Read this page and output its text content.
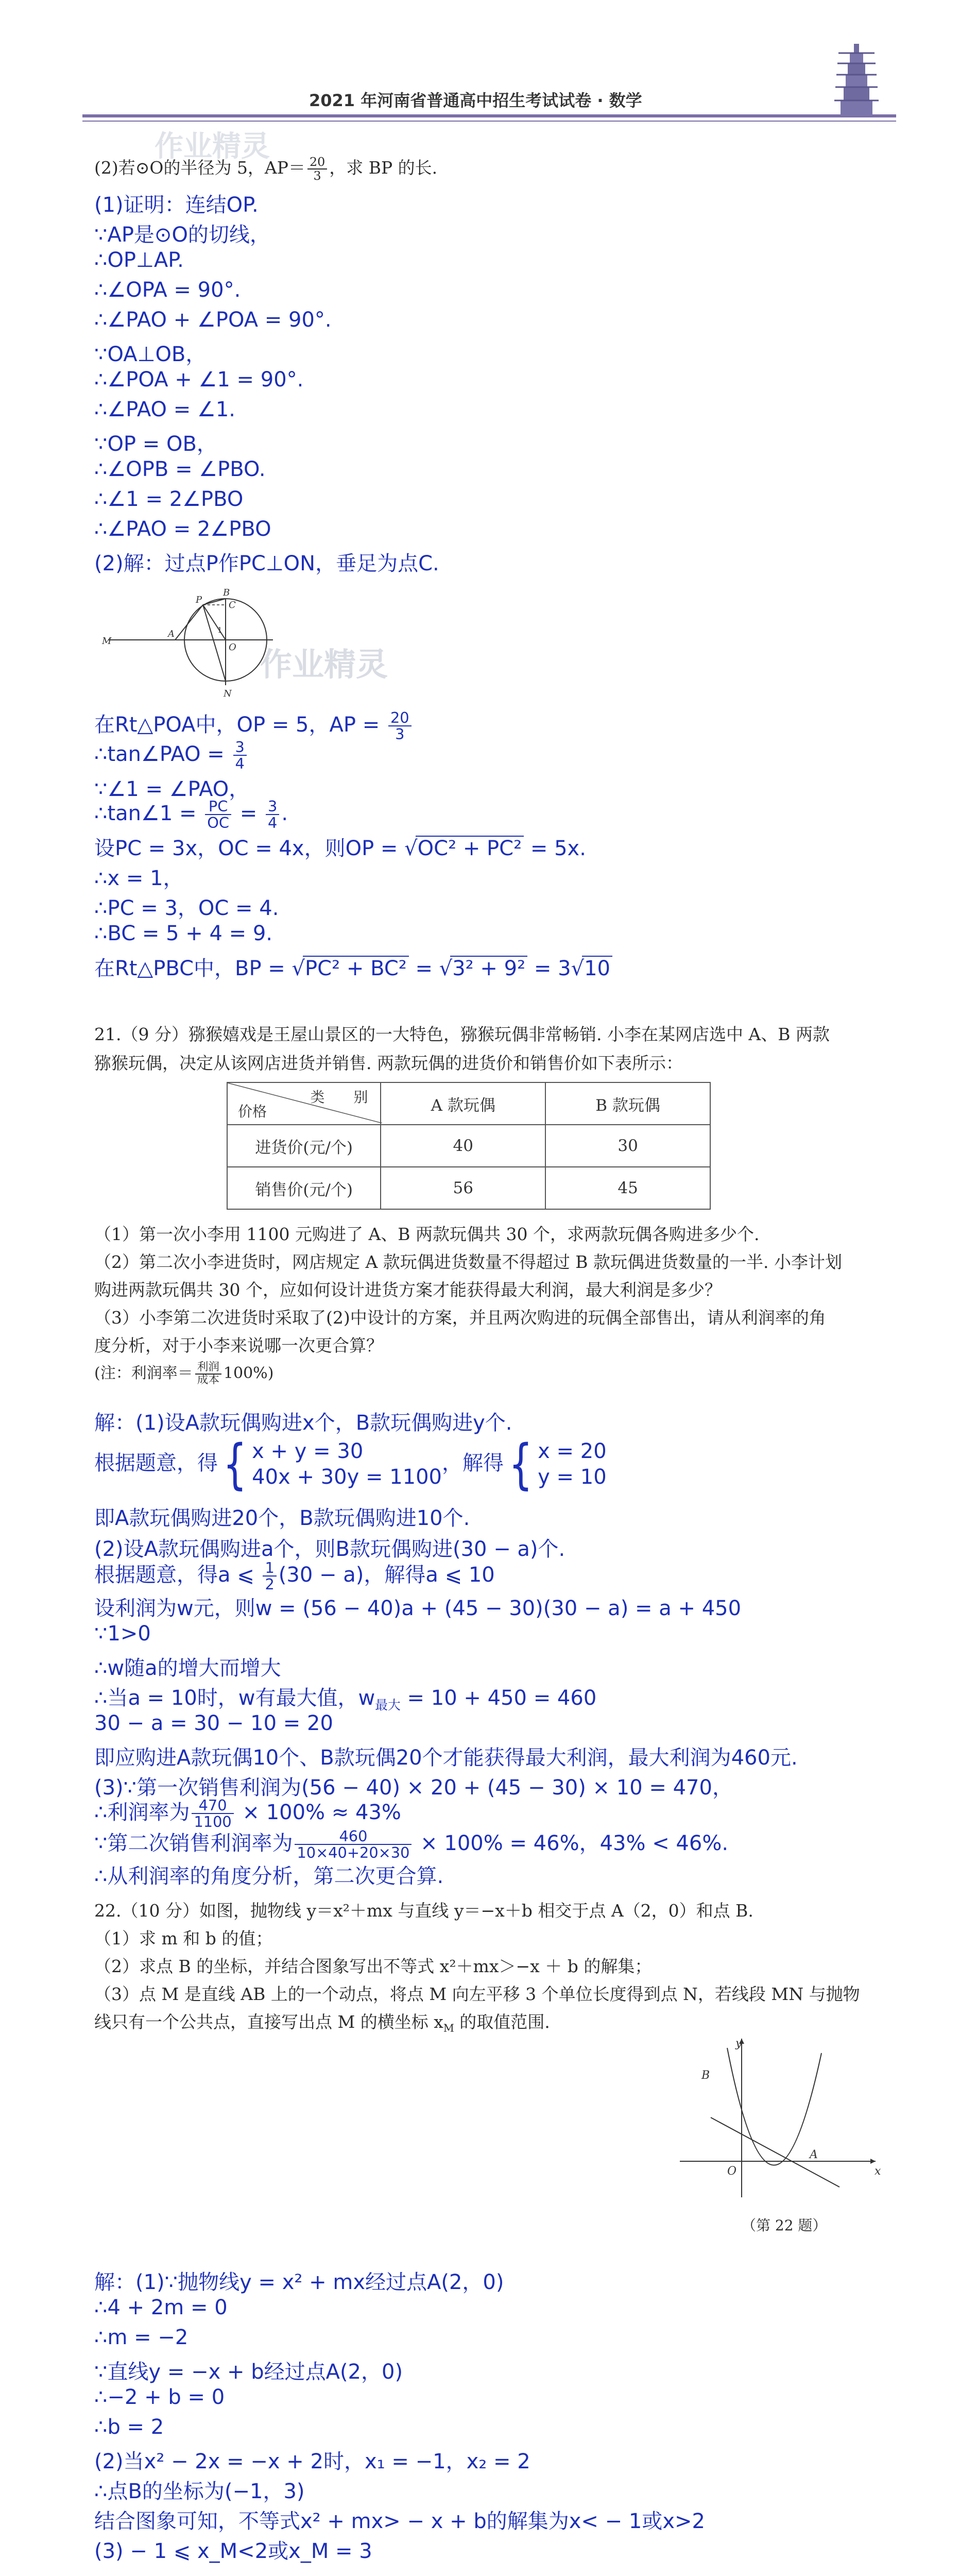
2021 年河南省普通高中招生考试试卷 · 数学
作业精灵
作业精灵
(2)若⊙O的半径为 5，$AP= \frac{20}{3}$ ，求 BP 的长.
(1)证明：连结OP.
∵AP是⊙O的切线，
∴OP⊥AP.
∴∠OPA = 90°.
∴∠PAO + ∠POA = 90°.
∵OA⊥OB，
∴∠POA + ∠1 = 90°.
∴∠PAO = ∠1.
∵OP = OB，
∴∠OPB = ∠PBO.
∴∠1 = 2∠PBO
∴∠PAO = 2∠PBO
(2)解：过点P作PC⊥ON，垂足为点C.
M
A
B
P	C
O
N
1
在Rt△POA中，OP = 5，AP = $\frac{20}{3}$
∴tan∠PAO = $\frac{3}{4}$
∵∠1 = ∠PAO，
∴tan∠1 = $\frac{PC}{OC} = \frac{3}{4}$ .
设PC = 3x，OC = 4x，则OP = √OC² + PC² = 5x.
∴x = 1，
∴PC = 3，OC = 4.
∴BC = 5 + 4 = 9.
在Rt△PBC中，BP = √PC² + BC² = √3² + 9² = 3√10
21.（9 分）猕猴嬉戏是王屋山景区的一大特色，猕猴玩偶非常畅销. 小李在某网店选中 A、B 两款
猕猴玩偶，决定从该网店进货并销售. 两款玩偶的进货价和销售价如下表所示：
类　　别
价格	A 款玩偶	B 款玩偶
进货价(元/个)	40	30
销售价(元/个)	56	45
（1）第一次小李用 1100 元购进了 A、B 两款玩偶共 30 个，求两款玩偶各购进多少个.
（2）第二次小李进货时，网店规定 A 款玩偶进货数量不得超过 B 款玩偶进货数量的一半. 小李计划
购进两款玩偶共 30 个，应如何设计进货方案才能获得最大利润，最大利润是多少？
（3）小李第二次进货时采取了(2)中设计的方案，并且两次购进的玩偶全部售出，请从利润率的角
度分析，对于小李来说哪一次更合算？
(注：利润率＝ $\frac{\text{利润}}{\text{成本}} 100\%$)
解：(1)设A款玩偶购进x个，B款玩偶购进y个.
根据题意，得 { x + y = 30
40x + 30y = 1100
，解得 { x = 20
y = 10
即A款玩偶购进20个，B款玩偶购进10个.
(2)设A款玩偶购进a个，则B款玩偶购进(30 − a)个.
根据题意，得a ⩽ $\frac{1}{2} (30 - a)$，解得a ⩽ 10
设利润为w元，则w = (56 − 40)a + (45 − 30)(30 − a) = a + 450
∵1>0
∴w随a的增大而增大
∴当a = 10时，w有最大值，$w_{最大} = 10 + 450 = 460$
30 − a = 30 − 10 = 20
即应购进A款玩偶10个、B款玩偶20个才能获得最大利润，最大利润为460元.
(3)∵第一次销售利润为(56 − 40) × 20 + (45 − 30) × 10 = 470，
∴利润率为 $\frac{470}{1100} \times 100\% \approx 43\%$
∵第二次销售利润率为 $\frac{460}{10\times 40+20\times 30} \times 100\% = 46\%$，43% < 46%.
∴从利润率的角度分析，第二次更合算.
22.（10 分）如图，抛物线 y＝x²＋mx 与直线 y＝−x＋b 相交于点 A（2，0）和点 B.
（1）求 m 和 b 的值；
（2）求点 B 的坐标，并结合图象写出不等式 x²＋mx＞−x ＋ b 的解集；
（3）点 M 是直线 AB 上的一个动点，将点 M 向左平移 3 个单位长度得到点 N，若线段 MN 与抛物
线只有一个公共点，直接写出点 M 的横坐标 $x_M$ 的取值范围.
y
x
B
O
A
（第 22 题）
解：(1)∵抛物线y = x² + mx经过点A(2，0)
∴4 + 2m = 0
∴m = −2
∵直线y = −x + b经过点A(2，0)
∴−2 + b = 0
∴b = 2
(2)当x² − 2x = −x + 2时，x₁ = −1，x₂ = 2
∴点B的坐标为(−1，3)
结合图象可知，不等式x² + mx> − x + b的解集为x< − 1或x>2
(3) − 1 ⩽ x_M<2或x_M = 3
